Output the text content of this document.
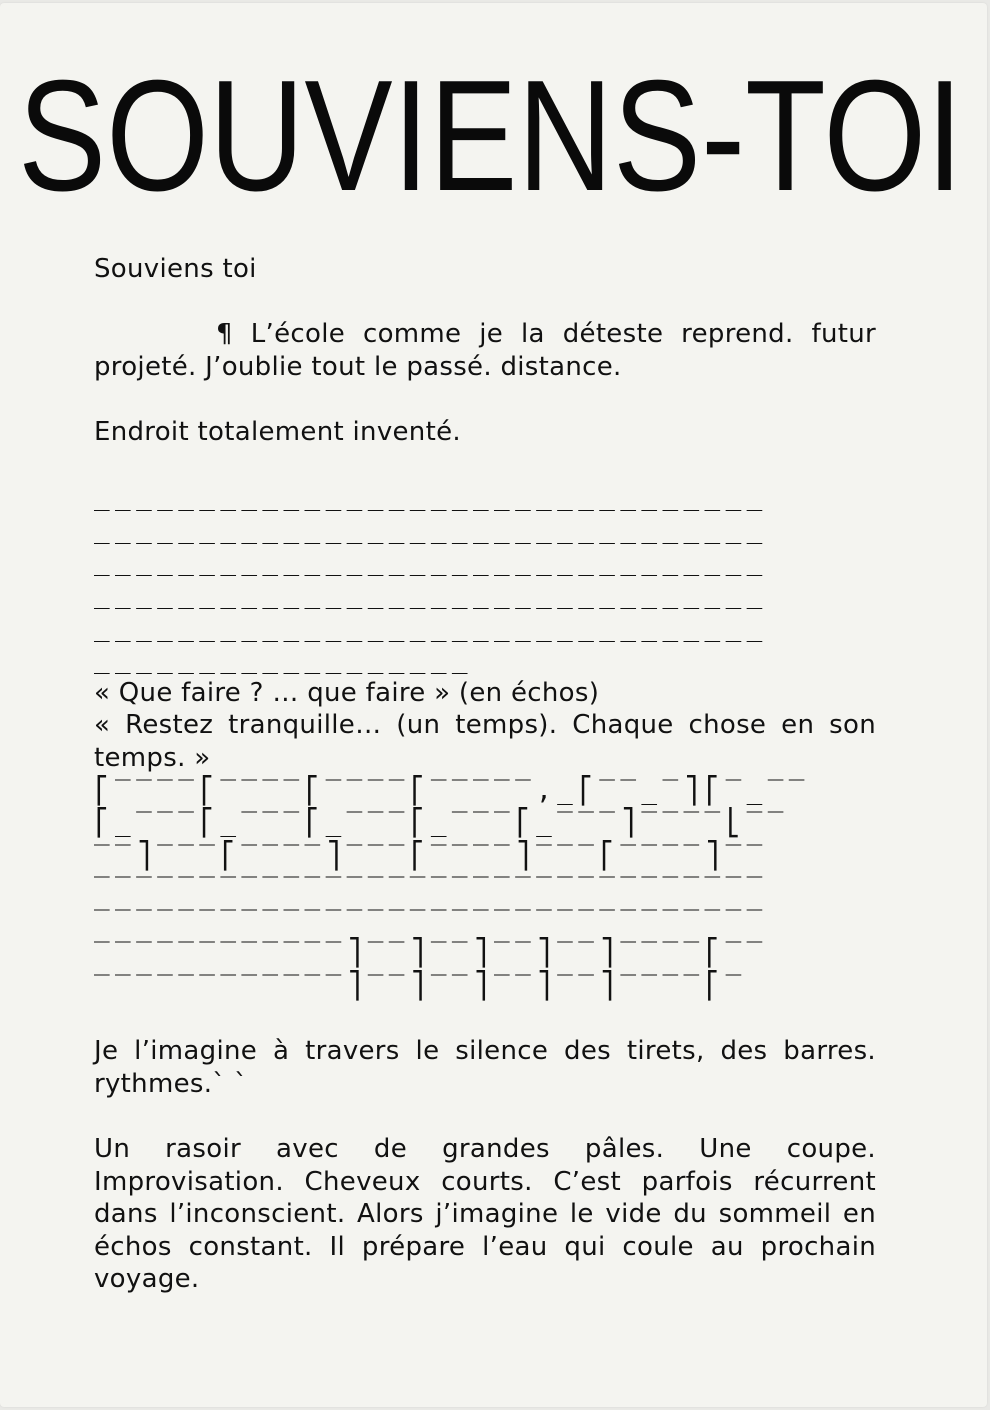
SOUVIENS-TOI

Souviens toi

¶ L’école comme je la déteste reprend. futur projeté. J’oublie tout le passé. distance.

Endroit totalement inventé.

________________________________
________________________________
________________________________
________________________________
________________________________
__________________

« Que faire ? … que faire » (en échos)

« Restez tranquille… (un temps). Chaque chose en son temps. »

⎡‾‾‾‾⎡‾‾‾‾⎡‾‾‾‾⎡‾‾‾‾‾,_⎡‾‾_‾⎤⎡‾_‾‾
⎡_‾‾‾⎡_‾‾‾⎡_‾‾‾⎡_‾‾‾⎡_‾‾‾⎤‾‾‾‾⎣‾‾
‾‾⎤‾‾‾⎡‾‾‾‾⎤‾‾‾⎡‾‾‾‾⎤‾‾‾⎡‾‾‾‾⎤‾‾
‾‾‾‾‾‾‾‾‾‾‾‾‾‾‾‾‾‾‾‾‾‾‾‾‾‾‾‾‾‾‾‾
‾‾‾‾‾‾‾‾‾‾‾‾‾‾‾‾‾‾‾‾‾‾‾‾‾‾‾‾‾‾‾‾
‾‾‾‾‾‾‾‾‾‾‾‾⎤‾‾⎤‾‾⎤‾‾⎤‾‾⎤‾‾‾‾⎡‾‾
‾‾‾‾‾‾‾‾‾‾‾‾⎤‾‾⎤‾‾⎤‾‾⎤‾‾⎤‾‾‾‾⎡‾

Je l’imagine à travers le silence des tirets, des barres. rythmes.` `

Un rasoir avec de grandes pâles. Une coupe. Improvisation. Cheveux courts. C’est parfois récurrent dans l’inconscient. Alors j’imagine le vide du sommeil en échos constant. Il prépare l’eau qui coule au prochain voyage.
